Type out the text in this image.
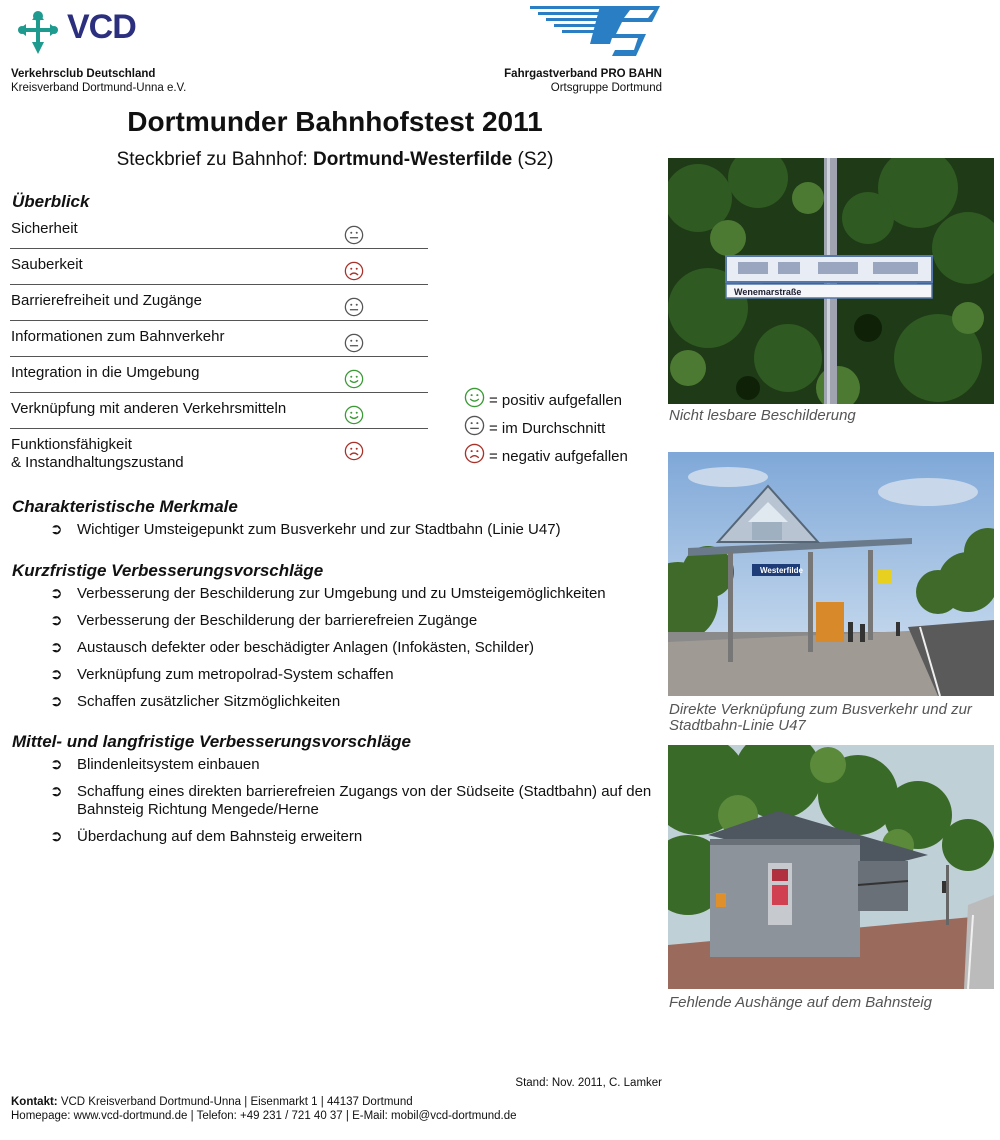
VCD
Verkehrsclub Deutschland
Kreisverband Dortmund-Unna e.V.
Fahrgastverband PRO BAHN
Ortsgruppe Dortmund
Dortmunder Bahnhofstest 2011
Steckbrief zu Bahnhof: Dortmund-Westerfilde (S2)
Überblick
Sicherheit
Sauberkeit
Barrierefreiheit und Zugänge
Informationen zum Bahnverkehr
Integration in die Umgebung
Verknüpfung mit anderen Verkehrsmitteln
Funktionsfähigkeit
& Instandhaltungszustand
= positiv aufgefallen
= im Durchschnitt
= negativ aufgefallen
Charakteristische Merkmale
➲ Wichtiger Umsteigepunkt zum Busverkehr und zur Stadtbahn (Linie U47)
Kurzfristige Verbesserungsvorschläge
➲ Verbesserung der Beschilderung zur Umgebung und zu Umsteigemöglichkeiten
➲ Verbesserung der Beschilderung der barrierefreien Zugänge
➲ Austausch defekter oder beschädigter Anlagen (Infokästen, Schilder)
➲ Verknüpfung zum metropolrad-System schaffen
➲ Schaffen zusätzlicher Sitzmöglichkeiten
Mittel- und langfristige Verbesserungsvorschläge
➲ Blindenleitsystem einbauen
➲ Schaffung eines direkten barrierefreien Zugangs von der Südseite (Stadtbahn) auf den Bahnsteig Richtung Mengede/Herne
➲ Überdachung auf dem Bahnsteig erweitern
Wenemarstraße
Nicht lesbare Beschilderung
Westerfilde
Direkte Verknüpfung zum Busverkehr und zur Stadtbahn-Linie U47
Fehlende Aushänge auf dem Bahnsteig
Stand: Nov. 2011, C. Lamker
Kontakt: VCD Kreisverband Dortmund-Unna | Eisenmarkt 1 | 44137 Dortmund
Homepage: www.vcd-dortmund.de | Telefon: +49 231 / 721 40 37 | E-Mail: mobil@vcd-dortmund.de
